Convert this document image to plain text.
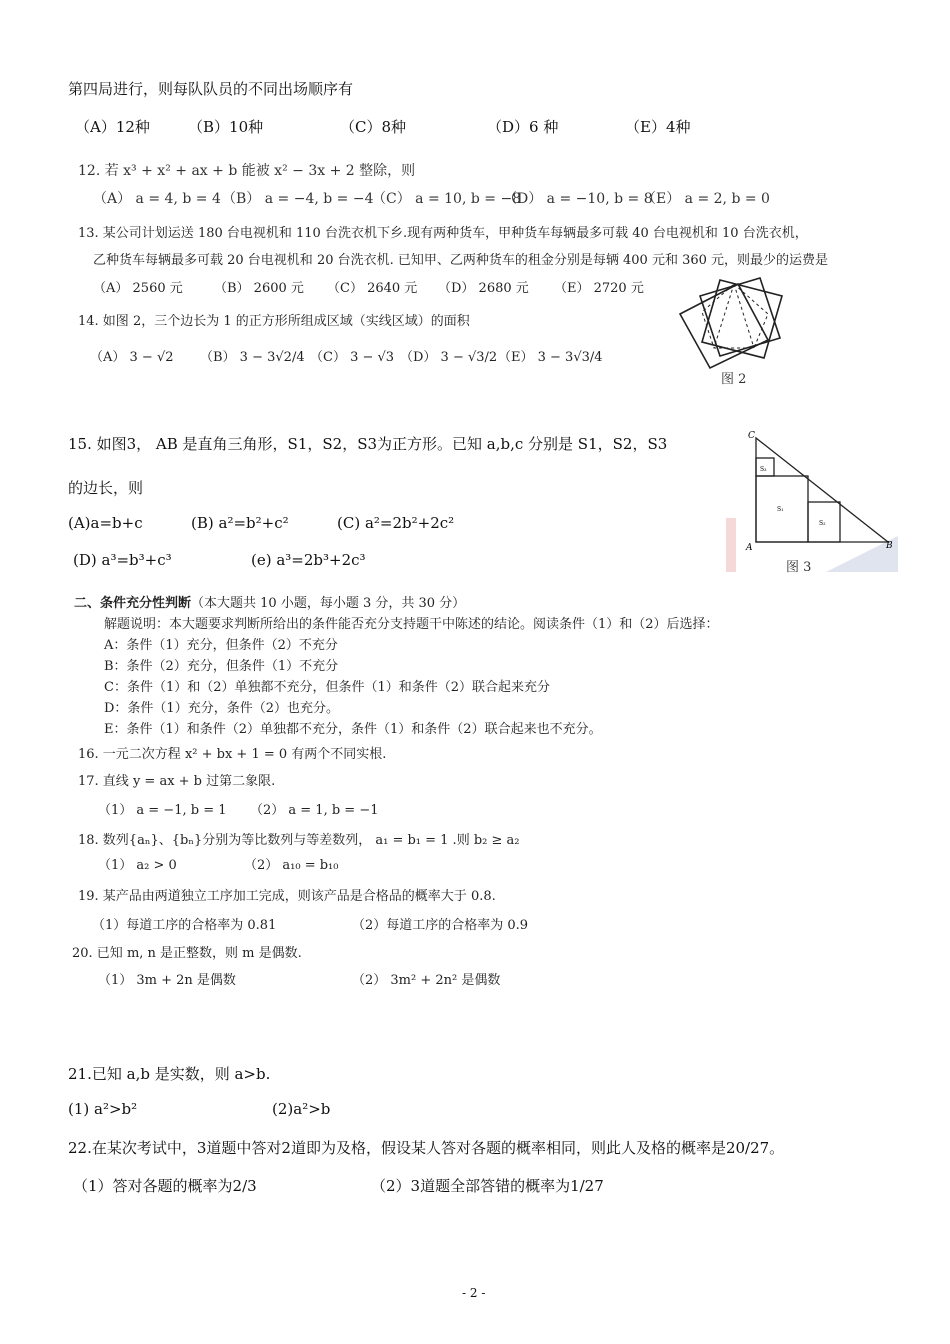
第四局进行，则每队队员的不同出场顺序有
（A）12种	（B）10种	（C）8种	（D）6 种	（E）4种
12. 若 x³ + x² + ax + b 能被 x² − 3x + 2 整除，则
（A） a = 4, b = 4 （B） a = −4, b = −4
（C） a = 10, b = −8
（D） a = −10, b = 8
（E） a = 2, b = 0
13. 某公司计划运送 180 台电视机和 110 台洗衣机下乡.现有两种货车，甲种货车每辆最多可载 40 台电视机和 10 台洗衣机，
乙种货车每辆最多可载 20 台电视机和 20 台洗衣机. 已知甲、乙两种货车的租金分别是每辆 400 元和 360 元，则最少的运费是
（A） 2560 元 （B） 2600 元 （C） 2640 元 （D） 2680 元 （E） 2720 元
14. 如图 2，三个边长为 1 的正方形所组成区域（实线区域）的面积
（A） 3 − √2 （B） 3 − 3√2/4 （C） 3 − √3 （D） 3 − √3/2 （E） 3 − 3√3/4
图 2
15. 如图3， AB 是直角三角形，S1，S2，S3为正方形。已知 a,b,c 分别是 S1，S2，S3
的边长，则
(A)a=b+c	(B) a²=b²+c²	(C) a²=2b²+2c²
(D) a³=b³+c³	(e) a³=2b³+2c³
C
A	B
S₃
S₁
S₂
图 3
二、条件充分性判断（本大题共 10 小题，每小题 3 分，共 30 分）
解题说明：本大题要求判断所给出的条件能否充分支持题干中陈述的结论。阅读条件（1）和（2）后选择：
A：条件（1）充分，但条件（2）不充分
B：条件（2）充分，但条件（1）不充分
C：条件（1）和（2）单独都不充分，但条件（1）和条件（2）联合起来充分
D：条件（1）充分，条件（2）也充分。
E：条件（1）和条件（2）单独都不充分，条件（1）和条件（2）联合起来也不充分。
16. 一元二次方程 x² + bx + 1 = 0 有两个不同实根.
17. 直线 y = ax + b 过第二象限.
（1） a = −1, b = 1 （2） a = 1, b = −1
18. 数列{aₙ}、{bₙ}分别为等比数列与等差数列， a₁ = b₁ = 1 .则 b₂ ≥ a₂
（1） a₂ > 0	（2） a₁₀ = b₁₀
19. 某产品由两道独立工序加工完成，则该产品是合格品的概率大于 0.8.
（1）每道工序的合格率为 0.81	（2）每道工序的合格率为 0.9
20. 已知 m, n 是正整数，则 m 是偶数.
（1） 3m + 2n 是偶数	（2） 3m² + 2n² 是偶数
21.已知 a,b 是实数，则 a>b.
(1) a²>b²	(2)a²>b
22.在某次考试中，3道题中答对2道即为及格，假设某人答对各题的概率相同，则此人及格的概率是20/27。
（1）答对各题的概率为2/3	（2）3道题全部答错的概率为1/27
- 2 -
